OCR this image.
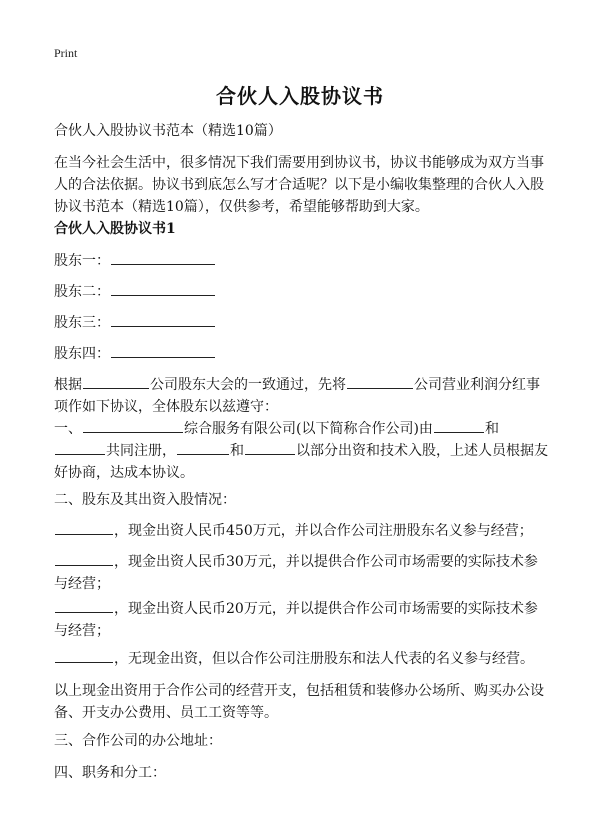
Print
合伙人入股协议书
合伙人入股协议书范本（精选10篇）
在当今社会生活中，很多情况下我们需要用到协议书，协议书能够成为双方当事人的合法依据。协议书到底怎么写才合适呢？以下是小编收集整理的合伙人入股协议书范本（精选10篇），仅供参考，希望能够帮助到大家。
合伙人入股协议书1
股东一：
股东二：
股东三：
股东四：
根据	公司股东大会的一致通过，先将	公司营业利润分红事项作如下协议，全体股东以兹遵守：
一、	综合服务有限公司(以下简称合作公司)由	和共同注册，	和	以部分出资和技术入股，上述人员根据友好协商，达成本协议。
二、股东及其出资入股情况：
，现金出资人民币450万元，并以合作公司注册股东名义参与经营；
，现金出资人民币30万元，并以提供合作公司市场需要的实际技术参与经营；
，现金出资人民币20万元，并以提供合作公司市场需要的实际技术参与经营；
，无现金出资，但以合作公司注册股东和法人代表的名义参与经营。
以上现金出资用于合作公司的经营开支，包括租赁和装修办公场所、购买办公设备、开支办公费用、员工工资等等。
三、合作公司的办公地址：
四、职务和分工：
